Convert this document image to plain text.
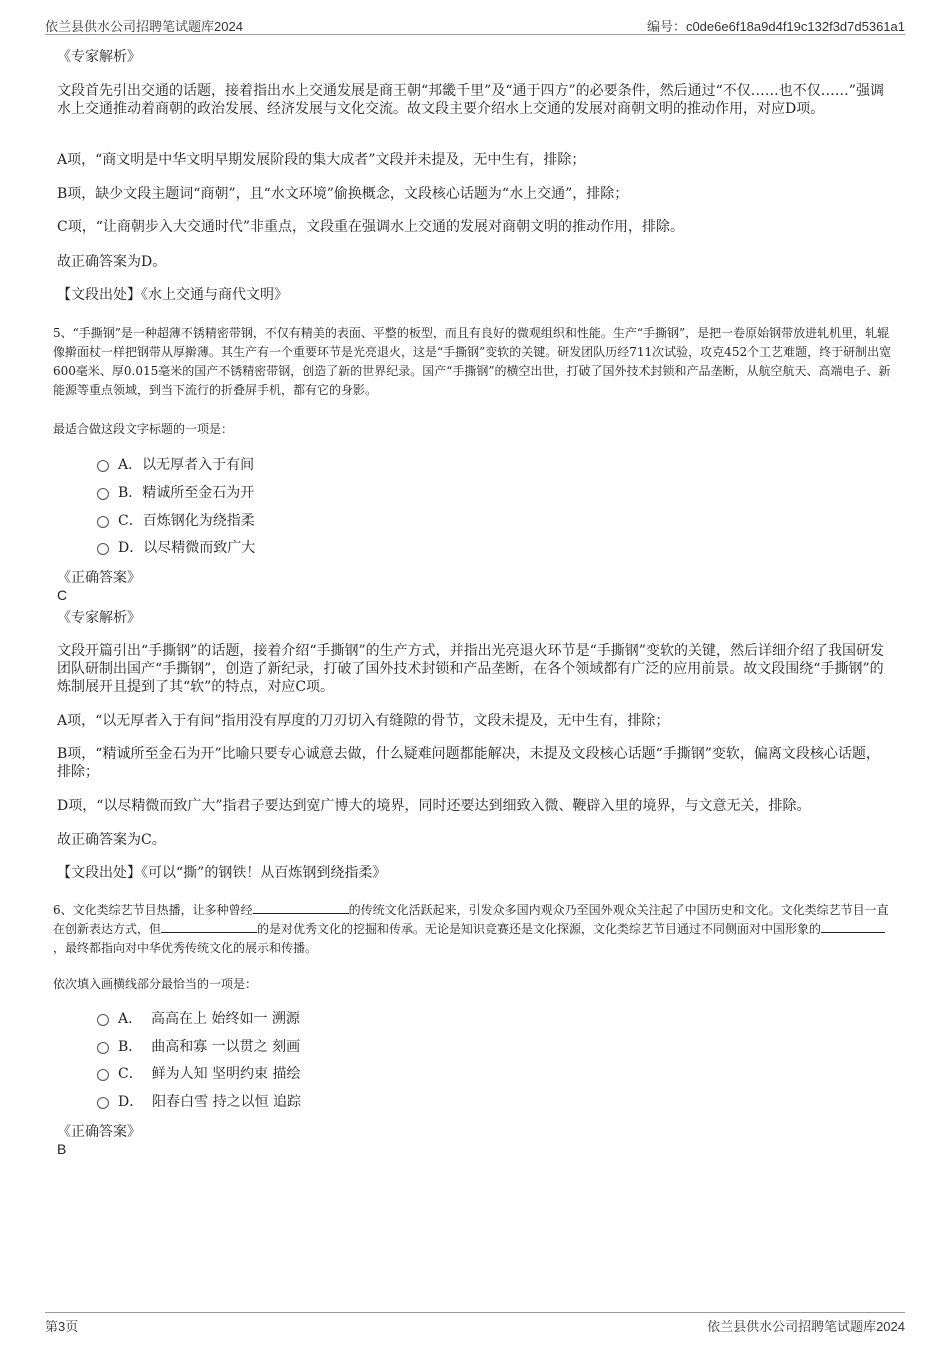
依兰县供水公司招聘笔试题库2024	编号：c0de6e6f18a9d4f19c132f3d7d5361a1

《专家解析》

文段首先引出交通的话题，接着指出水上交通发展是商王朝“邦畿千里”及“通于四方”的必要条件，然后通过“不仅……也不仅……”强调水上交通推动着商朝的政治发展、经济发展与文化交流。故文段主要介绍水上交通的发展对商朝文明的推动作用，对应D项。

A项，“商文明是中华文明早期发展阶段的集大成者”文段并未提及，无中生有，排除；

B项，缺少文段主题词“商朝”，且“水文环境”偷换概念，文段核心话题为“水上交通”，排除；

C项，“让商朝步入大交通时代”非重点，文段重在强调水上交通的发展对商朝文明的推动作用，排除。

故正确答案为D。

【文段出处】《水上交通与商代文明》

5、“手撕钢”是一种超薄不锈精密带钢，不仅有精美的表面、平整的板型，而且有良好的微观组织和性能。生产“手撕钢”，是把一卷原始钢带放进轧机里，轧辊像擀面杖一样把钢带从厚擀薄。其生产有一个重要环节是光亮退火，这是“手撕钢”变软的关键。研发团队历经711次试验，攻克452个工艺难题，终于研制出宽600毫米、厚0.015毫米的国产不锈精密带钢，创造了新的世界纪录。国产“手撕钢”的横空出世，打破了国外技术封锁和产品垄断，从航空航天、高端电子、新能源等重点领域，到当下流行的折叠屏手机，都有它的身影。

最适合做这段文字标题的一项是：

A．以无厚者入于有间
B．精诚所至金石为开
C．百炼钢化为绕指柔
D．以尽精微而致广大

《正确答案》

C

《专家解析》

文段开篇引出“手撕钢”的话题，接着介绍“手撕钢”的生产方式，并指出光亮退火环节是“手撕钢”变软的关键，然后详细介绍了我国研发团队研制出国产“手撕钢”，创造了新纪录，打破了国外技术封锁和产品垄断，在各个领域都有广泛的应用前景。故文段围绕“手撕钢”的炼制展开且提到了其“软”的特点，对应C项。

A项，“以无厚者入于有间”指用没有厚度的刀刃切入有缝隙的骨节，文段未提及，无中生有，排除；

B项，“精诚所至金石为开”比喻只要专心诚意去做，什么疑难问题都能解决，未提及文段核心话题“手撕钢”变软，偏离文段核心话题，排除；

D项，“以尽精微而致广大”指君子要达到宽广博大的境界，同时还要达到细致入微、鞭辟入里的境界，与文意无关，排除。

故正确答案为C。

【文段出处】《可以“撕”的钢铁！从百炼钢到绕指柔》

6、文化类综艺节目热播，让多种曾经	的传统文化活跃起来，引发众多国内观众乃至国外观众关注起了中国历史和文化。文化类综艺节目一直在创新表达方式，但	的是对优秀文化的挖掘和传承。无论是知识竞赛还是文化探源，文化类综艺节目通过不同侧面对中国形象的，最终都指向对中华优秀传统文化的展示和传播。

依次填入画横线部分最恰当的一项是：

A．  高高在上 始终如一 溯源
B．  曲高和寡 一以贯之 刻画
C．  鲜为人知 坚明约束 描绘
D．  阳春白雪 持之以恒 追踪

《正确答案》

B
第3页	依兰县供水公司招聘笔试题库2024
